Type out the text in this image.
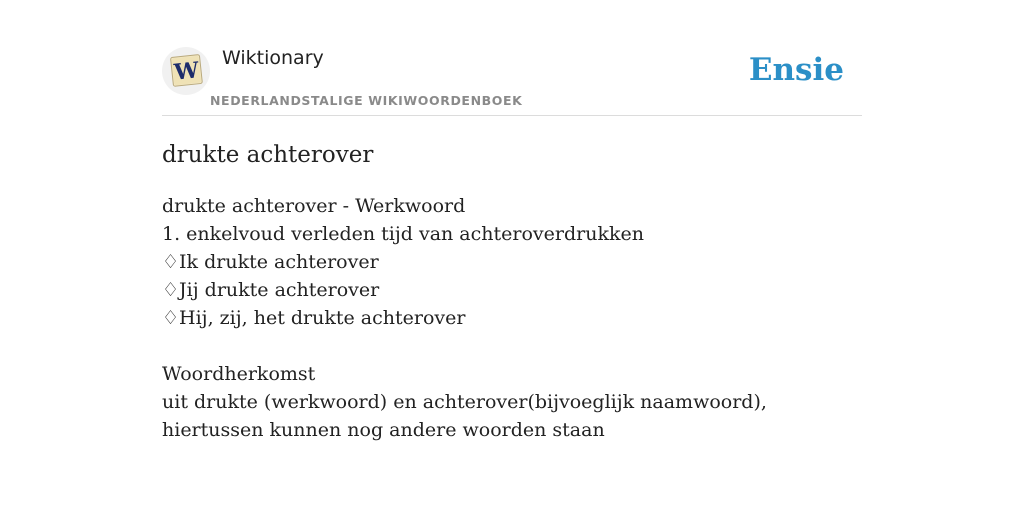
W Wiktionary
NEDERLANDSTALIGE WIKIWOORDENBOEK
Ensie
drukte achterover
drukte achterover - Werkwoord
1. enkelvoud verleden tijd van achteroverdrukken
♢Ik drukte achterover
♢Jij drukte achterover
♢Hij, zij, het drukte achterover
Woordherkomst
uit drukte (werkwoord) en achterover(bijvoeglijk naamwoord), hiertussen kunnen nog andere woorden staan
